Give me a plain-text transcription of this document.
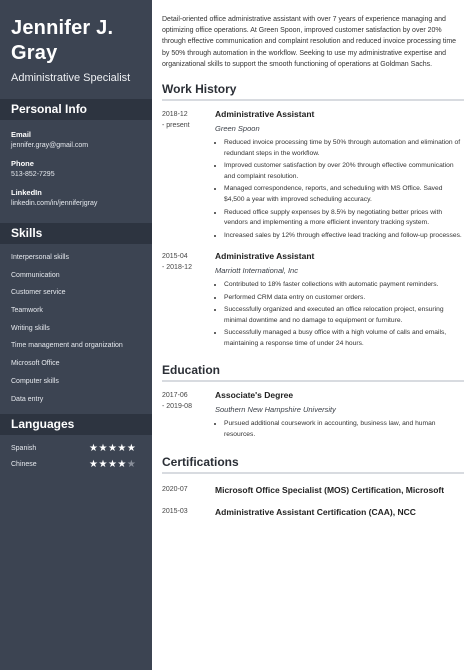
Jennifer J.
Gray
Administrative Specialist
Personal Info
Email
jennifer.gray@gmail.com
Phone
513-852-7295
LinkedIn
linkedin.com/in/jenniferjgray
Skills
Interpersonal skills
Communication
Customer service
Teamwork
Writing skills
Time management and organization
Microsoft Office
Computer skills
Data entry
Languages
Spanish	★★★★★
Chinese	★★★★★
Detail-oriented office administrative assistant with over 7 years of experience managing and optimizing office operations. At Green Spoon, improved customer satisfaction by over 20% through effective communication and complaint resolution and reduced invoice processing time by 50% through automation in the workflow. Seeking to use my administrative expertise and organizational skills to support the smooth functioning of operations at Goldman Sachs.
Work History
2018-12
- present
Administrative Assistant
Green Spoon
• Reduced invoice processing time by 50% through automation and elimination of redundant steps in the workflow.
• Improved customer satisfaction by over 20% through effective communication and complaint resolution.
• Managed correspondence, reports, and scheduling with MS Office. Saved $4,500 a year with improved scheduling accuracy.
• Reduced office supply expenses by 8.5% by negotiating better prices with vendors and implementing a more efficient inventory tracking system.
• Increased sales by 12% through effective lead tracking and follow-up processes.
2015-04
- 2018-12
Administrative Assistant
Marriott International, Inc
• Contributed to 18% faster collections with automatic payment reminders.
• Performed CRM data entry on customer orders.
• Successfully organized and executed an office relocation project, ensuring minimal downtime and no damage to equipment or furniture.
• Successfully managed a busy office with a high volume of calls and emails, maintaining a response time of under 24 hours.
Education
2017-06
- 2019-08
Associate's Degree
Southern New Hampshire University
• Pursued additional coursework in accounting, business law, and human resources.
Certifications
2020-07	Microsoft Office Specialist (MOS) Certification, Microsoft
2015-03	Administrative Assistant Certification (CAA), NCC
